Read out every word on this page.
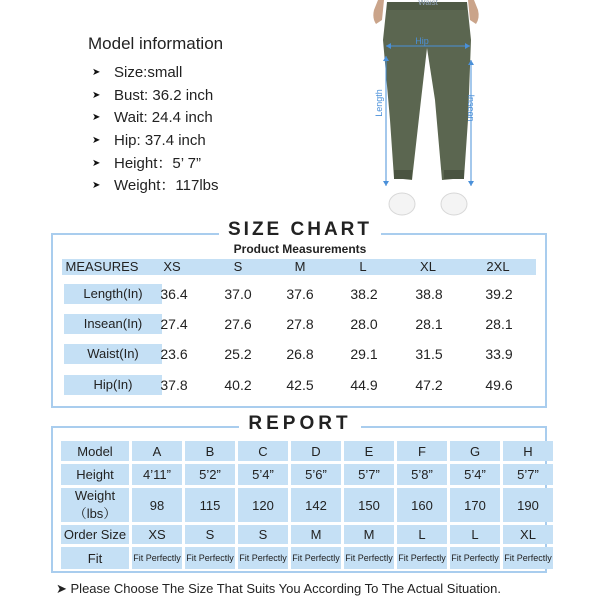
Model information
➤ Size:small
➤ Bust: 36.2 inch
➤ Wait: 24.4 inch
➤ Hip: 37.4 inch
➤ Height：5’ 7”
➤ Weight：117lbs
Hip
Waist
Length	Insean
SIZE CHART
Product Measurements
MEASURES	XS	S	M	L	XL	2XL
Length(In)	36.4	37.0	37.6	38.2	38.8	39.2
Insean(In)	27.4	27.6	27.8	28.0	28.1	28.1
Waist(In)	23.6	25.2	26.8	29.1	31.5	33.9
Hip(In)	37.8	40.2	42.5	44.9	47.2	49.6
REPORT
Model	A	B	C	D	E	F	G	H
Height	4’11”	5’2”	5’4”	5’6”	5’7”	5’8”	5’4”	5’7”
Weight（lbs）	98	115	120	142	150	160	170	190
Order Size	XS	S	S	M	M	L	L	XL
Fit	Fit Perfectly	Fit Perfectly	Fit Perfectly	Fit Perfectly	Fit Perfectly	Fit Perfectly	Fit Perfectly	Fit Perfectly
➤ Please Choose The Size That Suits You According To The Actual Situation.
